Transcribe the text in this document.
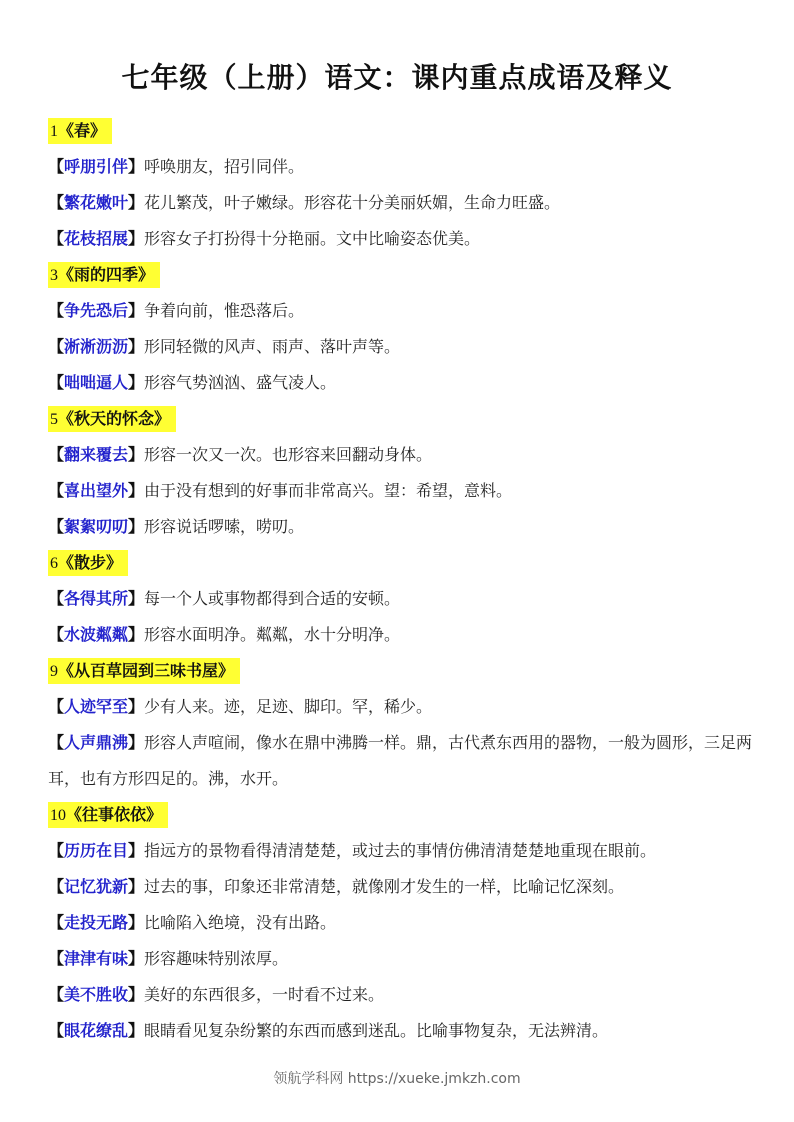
七年级（上册）语文：课内重点成语及释义
1《春》
【呼朋引伴】呼唤朋友，招引同伴。
【繁花嫩叶】花儿繁茂，叶子嫩绿。形容花十分美丽妖媚，生命力旺盛。
【花枝招展】形容女子打扮得十分艳丽。文中比喻姿态优美。
3《雨的四季》
【争先恐后】争着向前，惟恐落后。
【淅淅沥沥】形同轻微的风声、雨声、落叶声等。
【咄咄逼人】形容气势汹汹、盛气凌人。
5《秋天的怀念》
【翻来覆去】形容一次又一次。也形容来回翻动身体。
【喜出望外】由于没有想到的好事而非常高兴。望：希望，意料。
【絮絮叨叨】形容说话啰嗦，唠叨。
6《散步》
【各得其所】每一个人或事物都得到合适的安顿。
【水波粼粼】形容水面明净。粼粼，水十分明净。
9《从百草园到三味书屋》
【人迹罕至】少有人来。迹，足迹、脚印。罕，稀少。
【人声鼎沸】形容人声喧闹，像水在鼎中沸腾一样。鼎，古代煮东西用的器物，一般为圆形，三足两耳，也有方形四足的。沸，水开。
10《往事依依》
【历历在目】指远方的景物看得清清楚楚，或过去的事情仿佛清清楚楚地重现在眼前。
【记忆犹新】过去的事，印象还非常清楚，就像刚才发生的一样，比喻记忆深刻。
【走投无路】比喻陷入绝境，没有出路。
【津津有味】形容趣味特别浓厚。
【美不胜收】美好的东西很多，一时看不过来。
【眼花缭乱】眼睛看见复杂纷繁的东西而感到迷乱。比喻事物复杂，无法辨清。
领航学科网 https://xueke.jmkzh.com
